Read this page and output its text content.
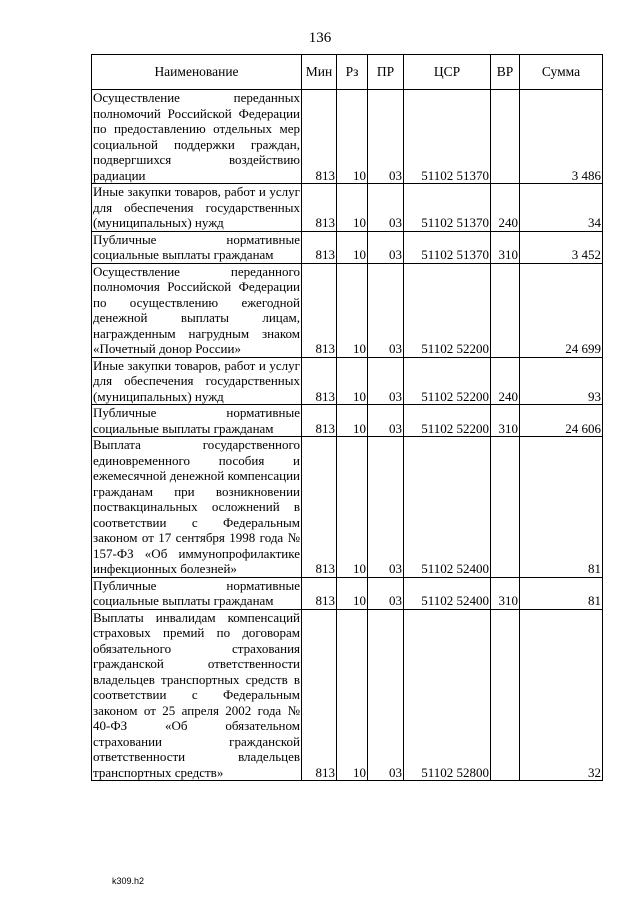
136
Наименование	Мин	Рз	ПР	ЦСР	ВР	Сумма
Осуществление переданных полномочий Российской Федерации по предоставлению отдельных мер социальной поддержки граждан, подвергшихся воздействию радиации	813	10	03	51102 51370		3 486
Иные закупки товаров, работ и услуг для обеспечения государственных (муниципальных) нужд	813	10	03	51102 51370	240	34
Публичные нормативные социальные выплаты гражданам	813	10	03	51102 51370	310	3 452
Осуществление переданного полномочия Российской Федерации по осуществлению ежегодной денежной выплаты лицам, награжденным нагрудным знаком «Почетный донор России»	813	10	03	51102 52200		24 699
Иные закупки товаров, работ и услуг для обеспечения государственных (муниципальных) нужд	813	10	03	51102 52200	240	93
Публичные нормативные социальные выплаты гражданам	813	10	03	51102 52200	310	24 606
Выплата государственного единовременного пособия и ежемесячной денежной компенсации гражданам при возникновении поствакцинальных осложнений в соответствии с Федеральным законом от 17 сентября 1998 года № 157-ФЗ «Об иммунопрофилактике инфекционных болезней»	813	10	03	51102 52400		81
Публичные нормативные социальные выплаты гражданам	813	10	03	51102 52400	310	81
Выплаты инвалидам компенсаций страховых премий по договорам обязательного страхования гражданской ответственности владельцев транспортных средств в соответствии с Федеральным законом от 25 апреля 2002 года № 40-ФЗ «Об обязательном страховании гражданской ответственности владельцев транспортных средств»	813	10	03	51102 52800		32
k309.h2
